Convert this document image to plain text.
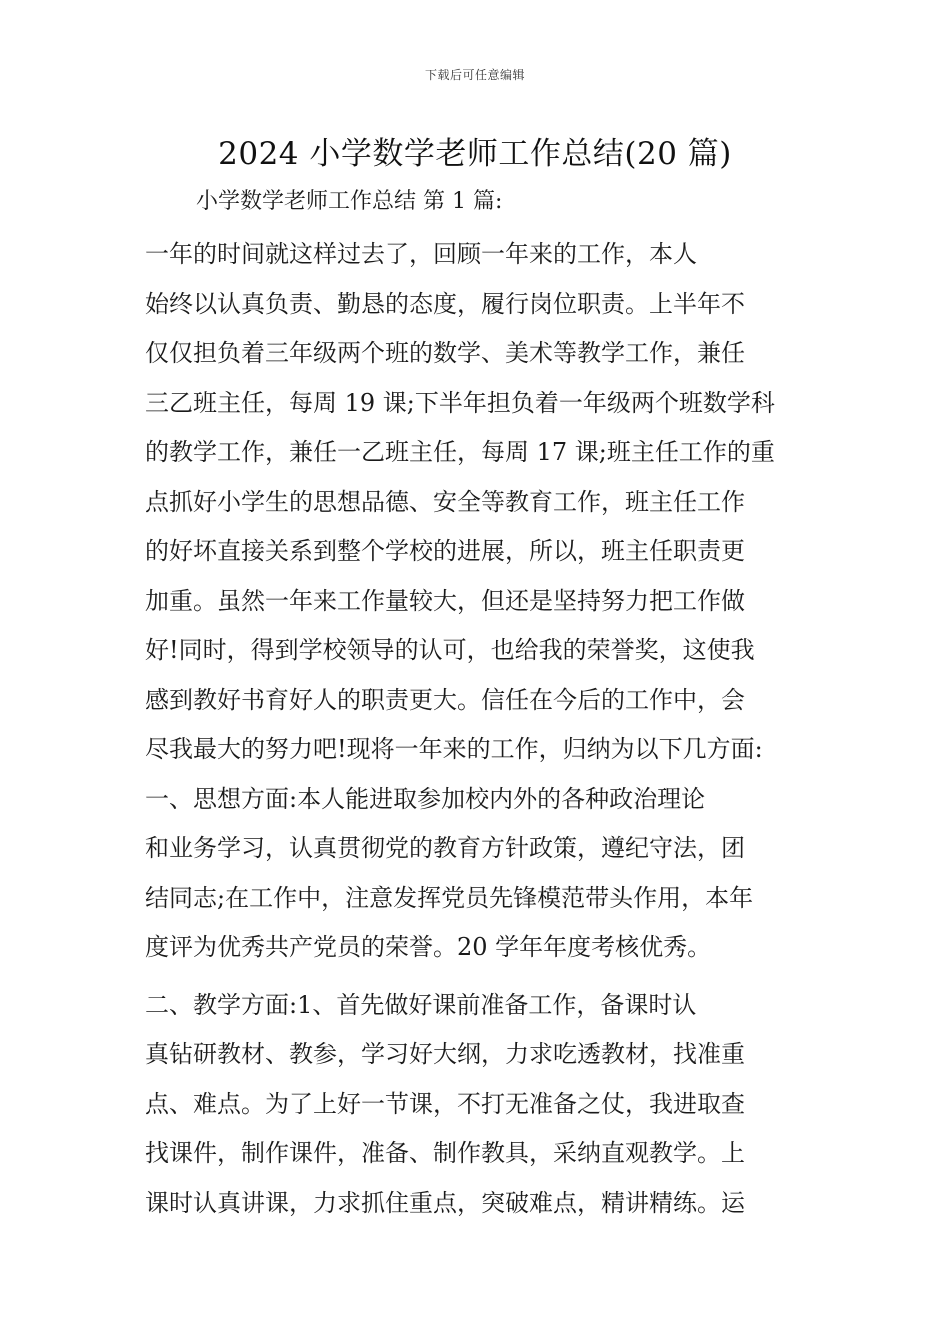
下载后可任意编辑
2024 小学数学老师工作总结(20 篇)
小学数学老师工作总结 第 1 篇:
一年的时间就这样过去了，回顾一年来的工作，本人
始终以认真负责、勤恳的态度，履行岗位职责。上半年不
仅仅担负着三年级两个班的数学、美术等教学工作，兼任
三乙班主任，每周 19 课;下半年担负着一年级两个班数学科
的教学工作，兼任一乙班主任，每周 17 课;班主任工作的重
点抓好小学生的思想品德、安全等教育工作，班主任工作
的好坏直接关系到整个学校的进展，所以，班主任职责更
加重。虽然一年来工作量较大，但还是坚持努力把工作做
好!同时，得到学校领导的认可，也给我的荣誉奖，这使我
感到教好书育好人的职责更大。信任在今后的工作中，会
尽我最大的努力吧!现将一年来的工作，归纳为以下几方面:
一、思想方面:本人能进取参加校内外的各种政治理论
和业务学习，认真贯彻党的教育方针政策，遵纪守法，团
结同志;在工作中，注意发挥党员先锋模范带头作用，本年
度评为优秀共产党员的荣誉。20 学年年度考核优秀。
二、教学方面:1、首先做好课前准备工作，备课时认
真钻研教材、教参，学习好大纲，力求吃透教材，找准重
点、难点。为了上好一节课，不打无准备之仗，我进取查
找课件，制作课件，准备、制作教具，采纳直观教学。上
课时认真讲课，力求抓住重点，突破难点，精讲精练。运
